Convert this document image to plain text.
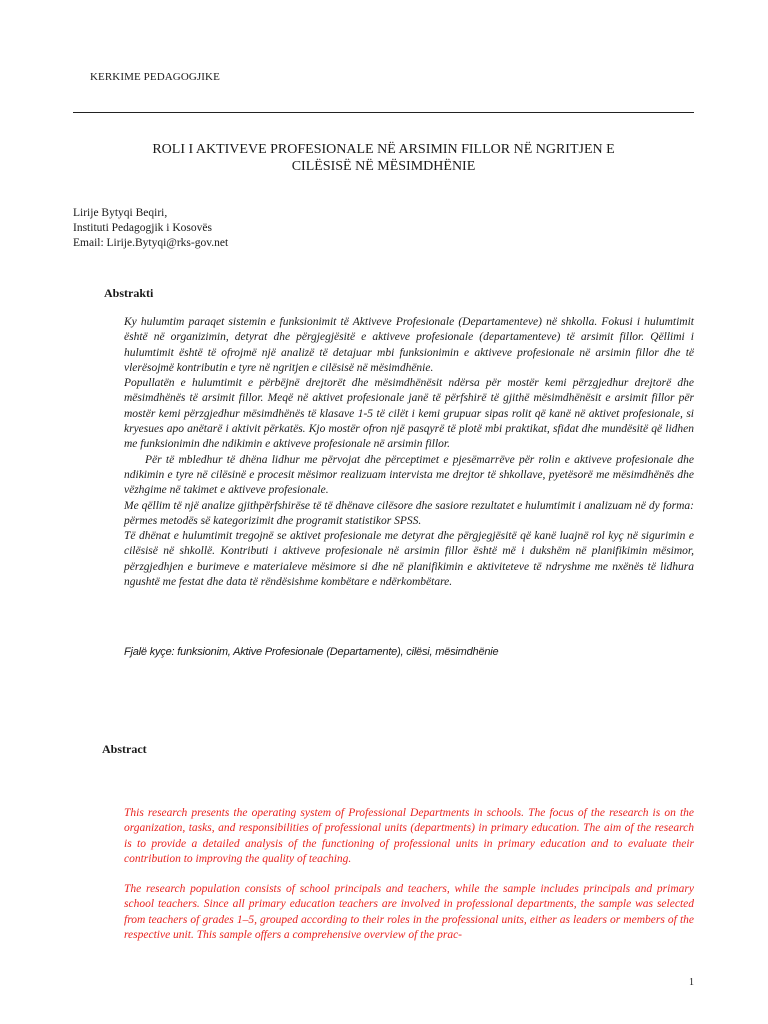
KERKIME PEDAGOGJIKE
ROLI I AKTIVEVE PROFESIONALE NË ARSIMIN FILLOR NË NGRITJEN E
CILËSISË NË MËSIMDHËNIE
Lirije Bytyqi Beqiri,
Instituti Pedagogjik i Kosovës
Email: Lirije.Bytyqi@rks-gov.net
Abstrakti

Ky hulumtim paraqet sistemin e funksionimit të Aktiveve Profesionale (Departamenteve) në shkolla. Fokusi i hulumtimit është në organizimin, detyrat dhe përgjegjësitë e aktiveve profesionale (departamenteve) të arsimit fillor. Qëllimi i hulumtimit është të ofrojmë një analizë të detajuar mbi funksionimin e aktiveve profesionale në arsimin fillor dhe të vlerësojmë kontributin e tyre në ngritjen e cilësisë në mësimdhënie.

Popullatën e hulumtimit e përbëjnë drejtorët dhe mësimdhënësit ndërsa për mostër kemi përzgjedhur drejtorë dhe mësimdhënës të arsimit fillor. Meqë në aktivet profesionale janë të përfshirë të gjithë mësimdhënësit e arsimit fillor për mostër kemi përzgjedhur mësimdhënës të klasave 1-5 të cilët i kemi grupuar sipas rolit që kanë në aktivet profesionale, si kryesues apo anëtarë i aktivit përkatës. Kjo mostër ofron një pasqyrë të plotë mbi praktikat, sfidat dhe mundësitë që lidhen me funksionimin dhe ndikimin e aktiveve profesionale në arsimin fillor.

Për të mbledhur të dhëna lidhur me përvojat dhe përceptimet e pjesëmarrëve për rolin e aktiveve profesionale dhe ndikimin e tyre në cilësinë e procesit mësimor realizuam intervista me drejtor të shkollave, pyetësorë me mësimdhënës dhe vëzhgime në takimet e aktiveve profesionale.

Me qëllim të një analize gjithpërfshirëse të të dhënave cilësore dhe sasiore rezultatet e hulumtimit i analizuam në dy forma: përmes metodës së kategorizimit dhe programit statistikor SPSS.

Të dhënat e hulumtimit tregojnë se aktivet profesionale me detyrat dhe përgjegjësitë që kanë luajnë rol kyç në sigurimin e cilësisë në shkollë. Kontributi i aktiveve profesionale në arsimin fillor është më i dukshëm në planifikimin mësimor, përzgjedhjen e burimeve e materialeve mësimore si dhe në planifikimin e aktiviteteve të ndryshme me nxënës të lidhura ngushtë me festat dhe data të rëndësishme kombëtare e ndërkombëtare.

Fjalë kyçe: funksionim, Aktive Profesionale (Departamente), cilësi, mësimdhënie
Abstract

This research presents the operating system of Professional Departments in schools. The focus of the research is on the organization, tasks, and responsibilities of professional units (departments) in primary education. The aim of the research is to provide a detailed analysis of the functioning of professional units in primary education and to evaluate their contribution to improving the quality of teaching.

The research population consists of school principals and teachers, while the sample includes principals and primary school teachers. Since all primary education teachers are involved in professional departments, the sample was selected from teachers of grades 1–5, grouped according to their roles in the professional units, either as leaders or members of the respective unit. This sample offers a comprehensive overview of the prac-

1
